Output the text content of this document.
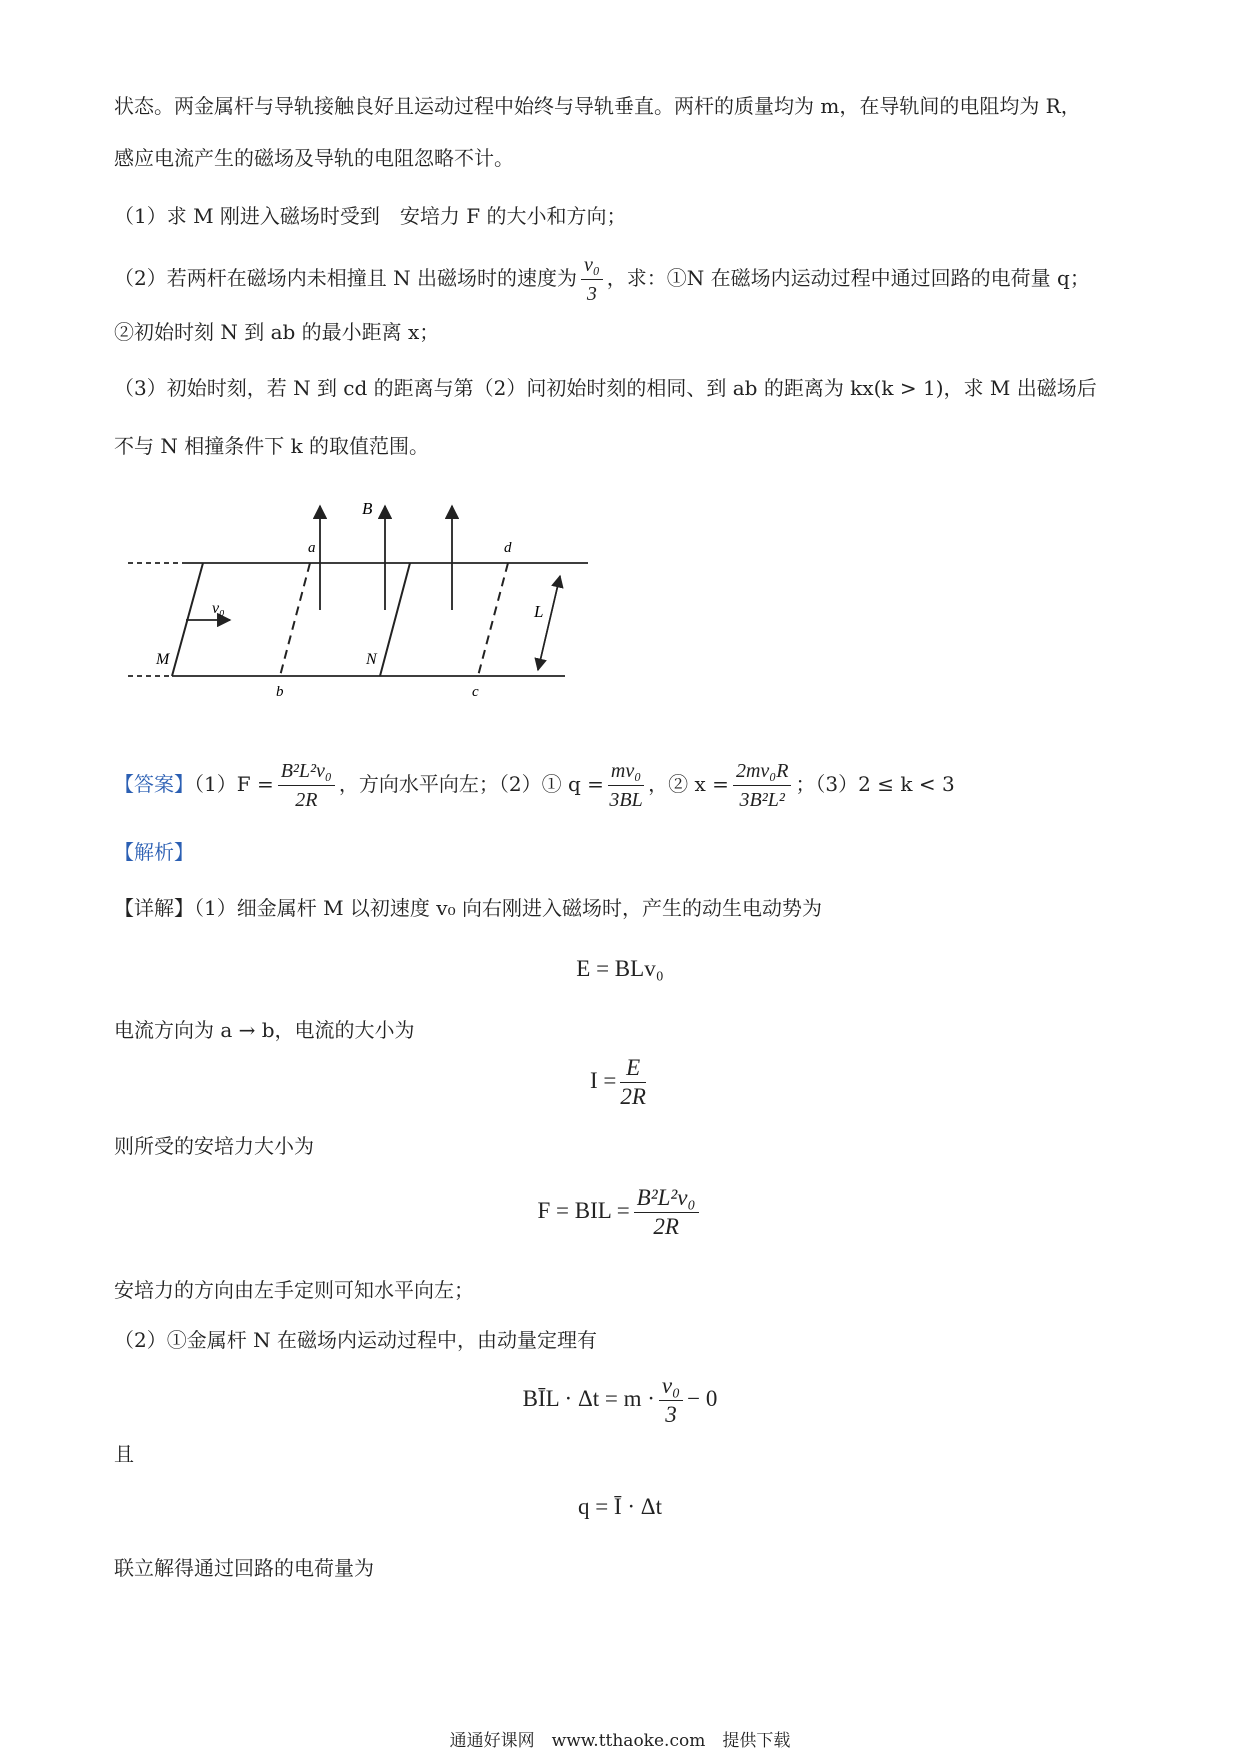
状态。两金属杆与导轨接触良好且运动过程中始终与导轨垂直。两杆的质量均为 m，在导轨间的电阻均为 R，
感应电流产生的磁场及导轨的电阻忽略不计。
（1）求 M 刚进入磁场时受到　安培力 F 的大小和方向；
（2）若两杆在磁场内未相撞且 N 出磁场时的速度为 $\frac{\text{v₀}}{3}$ ，求：①N 在磁场内运动过程中通过回路的电荷量 q；
②初始时刻 N 到 ab 的最小距离 x；
（3）初始时刻，若 N 到 cd 的距离与第（2）问初始时刻的相同、到 ab 的距离为 kx(k > 1)，求 M 出磁场后
不与 N 相撞条件下 k 的取值范围。
B
a	d
b	c
v₀
M	N
L
【答案】$(1)F = \frac{\text{B²L²v₀}}{2R}$ ，方向水平向左；（2）① $q = \frac{\text{mv₀}}{3BL}$ ，② $x = \frac{\text{2mv₀R}}{\text{3B²L²}}$ ；（3）2 ≤ k < 3
【解析】
【详解】（1）细金属杆 M 以初速度 v₀ 向右刚进入磁场时，产生的动生电动势为
E = BLv₀
电流方向为 a → b，电流的大小为
$I = \frac{E}{2R}$
则所受的安培力大小为
F = BIL = $\frac{\text{B²L²v₀}}{2R}$
安培力的方向由左手定则可知水平向左；
（2）①金属杆 N 在磁场内运动过程中，由动量定理有
BĪL · $\Delta t = m \cdot \frac{\text{v₀}}{3} - 0$
且
q = Ī · Δt
联立解得通过回路的电荷量为
通通好课网　www.tthaoke.com　提供下载
